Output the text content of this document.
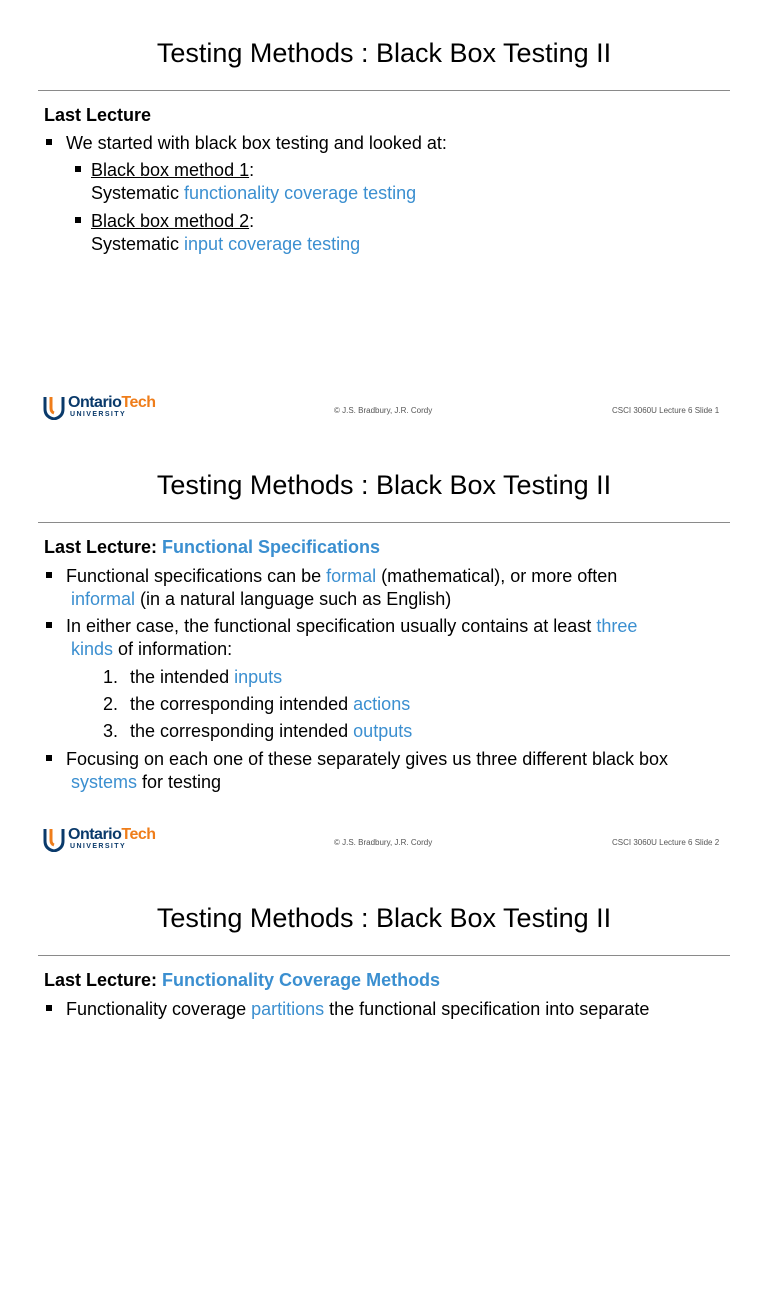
Testing Methods : Black Box Testing II
Last Lecture
We started with black box testing and looked at:
Black box method 1:
Systematic functionality coverage testing
Black box method 2:
Systematic input coverage testing
OntarioTech
UNIVERSITY	© J.S. Bradbury, J.R. Cordy	CSCI 3060U Lecture 6 Slide 1
Testing Methods : Black Box Testing II
Last Lecture: Functional Specifications
Functional specifications can be formal (mathematical), or more often
informal (in a natural language such as English)
In either case, the functional specification usually contains at least three
kinds of information:
1. the intended inputs
2. the corresponding intended actions
3. the corresponding intended outputs
Focusing on each one of these separately gives us three different black box
systems for testing
OntarioTech
UNIVERSITY	© J.S. Bradbury, J.R. Cordy	CSCI 3060U Lecture 6 Slide 2
Testing Methods : Black Box Testing II
Last Lecture: Functionality Coverage Methods
Functionality coverage partitions the functional specification into separate
